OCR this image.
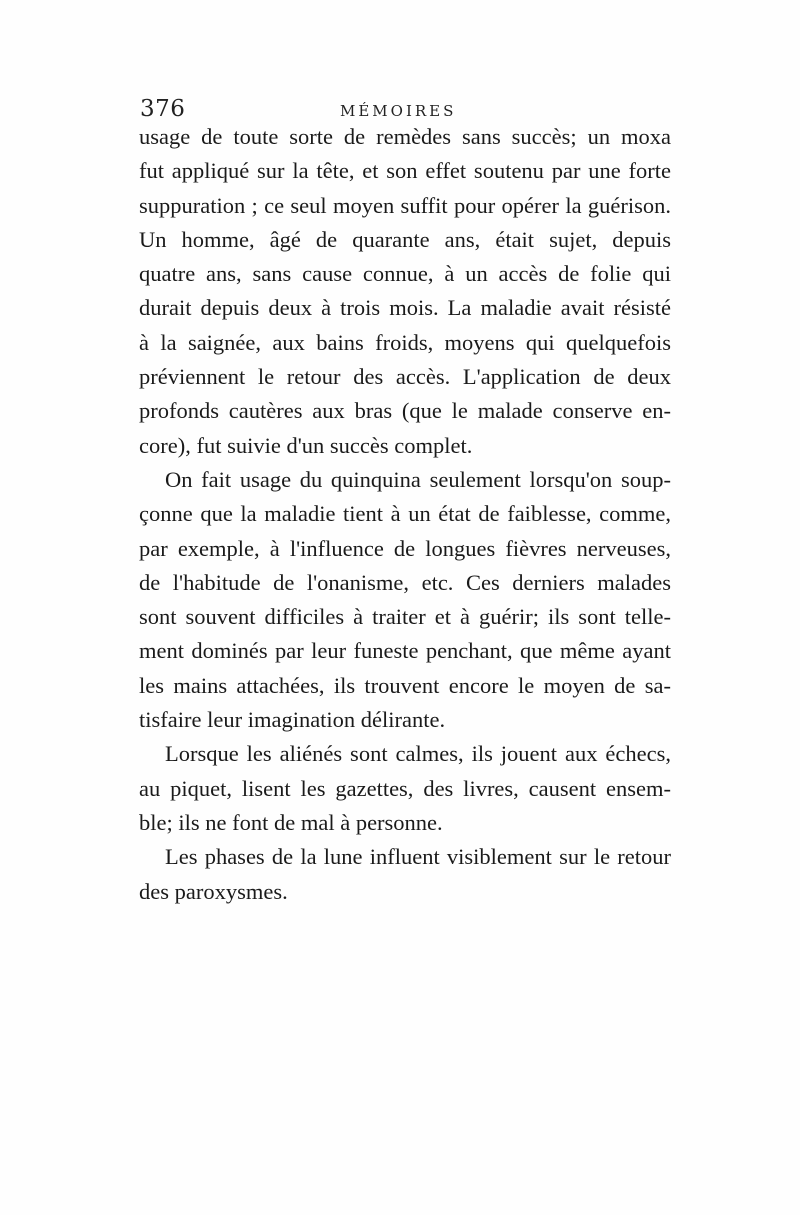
376	MÉMOIRES
usage de toute sorte de remèdes sans succès; un moxa
fut appliqué sur la tête, et son effet soutenu par une forte
suppuration ; ce seul moyen suffit pour opérer la guérison.
Un homme, âgé de quarante ans, était sujet, depuis
quatre ans, sans cause connue, à un accès de folie qui
durait depuis deux à trois mois. La maladie avait résisté
à la saignée, aux bains froids, moyens qui quelquefois
préviennent le retour des accès. L'application de deux
profonds cautères aux bras (que le malade conserve en-
core), fut suivie d'un succès complet.
On fait usage du quinquina seulement lorsqu'on soup-
çonne que la maladie tient à un état de faiblesse, comme,
par exemple, à l'influence de longues fièvres nerveuses,
de l'habitude de l'onanisme, etc. Ces derniers malades
sont souvent difficiles à traiter et à guérir; ils sont telle-
ment dominés par leur funeste penchant, que même ayant
les mains attachées, ils trouvent encore le moyen de sa-
tisfaire leur imagination délirante.
Lorsque les aliénés sont calmes, ils jouent aux échecs,
au piquet, lisent les gazettes, des livres, causent ensem-
ble; ils ne font de mal à personne.
Les phases de la lune influent visiblement sur le retour
des paroxysmes.
